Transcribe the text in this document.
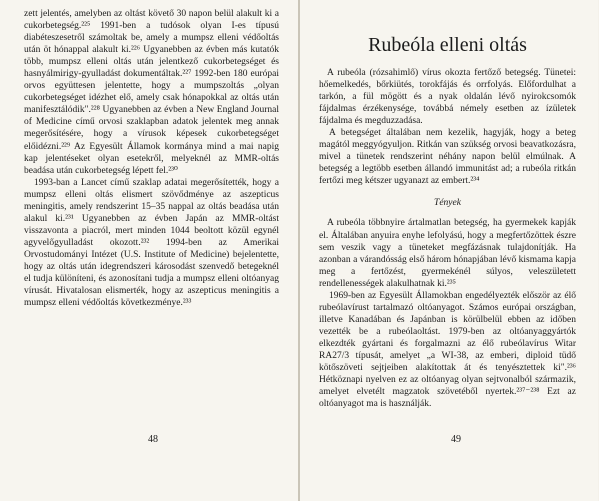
zett jelentés, amelyben az oltást követő 30 napon belül alakult ki a cukorbetegség.²²⁵ 1991-ben a tudósok olyan I-es típusú diabéteszesetről számoltak be, amely a mumpsz elleni védőoltás után öt hónappal alakult ki.²²⁶ Ugyanebben az évben más kutatók több, mumpsz elleni oltás után jelentkező cukorbetegséget és hasnyálmirigy-gyulladást dokumentáltak.²²⁷ 1992-ben 180 európai orvos együttesen jelentette, hogy a mumpszoltás „olyan cukorbetegséget idézhet elő, amely csak hónapokkal az oltás után manifesztálódik".²²⁸ Ugyanebben az évben a New England Journal of Medicine című orvosi szaklapban adatok jelentek meg annak megerősítésére, hogy a vírusok képesek cukorbetegséget előidézni.²²⁹ Az Egyesült Államok kormánya mind a mai napig kap jelentéseket olyan esetekről, melyeknél az MMR-oltás beadása után cukorbetegség lépett fel.²³⁰

1993-ban a Lancet című szaklap adatai megerősítették, hogy a mumpsz elleni oltás elismert szövődménye az aszepticus meningitis, amely rendszerint 15–35 nappal az oltás beadása után alakul ki.²³¹ Ugyanebben az évben Japán az MMR-oltást visszavonta a piacról, mert minden 1044 beoltott közül egynél agyvelőgyulladást okozott.²³² 1994-ben az Amerikai Orvostudományi Intézet (U.S. Institute of Medicine) bejelentette, hogy az oltás után idegrendszeri károsodást szenvedő betegeknél el tudja különíteni, és azonosítani tudja a mumpsz elleni oltóanyag vírusát. Hivatalosan elismerték, hogy az aszepticus meningitis a mumpsz elleni védőoltás következménye.²³³

48
Rubeóla elleni oltás

A rubeóla (rózsahimlő) vírus okozta fertőző betegség. Tünetei: hőemelkedés, bőrkiütés, torokfájás és orrfolyás. Előfordulhat a tarkón, a fül mögött és a nyak oldalán lévő nyirokcsomók fájdalmas érzékenysége, továbbá némely esetben az ízületek fájdalma és megduzzadása.

A betegséget általában nem kezelik, hagyják, hogy a beteg magától meggyógyuljon. Ritkán van szükség orvosi beavatkozásra, mivel a tünetek rendszerint néhány napon belül elmúlnak. A betegség a legtöbb esetben állandó immunitást ad; a rubeóla ritkán fertőzi meg kétszer ugyanazt az embert.²³⁴

Tények

A rubeóla többnyire ártalmatlan betegség, ha gyermekek kapják el. Általában anyuira enyhe lefolyású, hogy a megfertőzöttek észre sem veszik vagy a tüneteket megfázásnak tulajdonítják. Ha azonban a várandósság első három hónapjában lévő kismama kapja meg a fertőzést, gyermekénél súlyos, veleszületett rendellenességek alakulhatnak ki.²³⁵

1969-ben az Egyesült Államokban engedélyezték először az élő rubeólavírust tartalmazó oltóanyagot. Számos európai országban, illetve Kanadában és Japánban is körülbelül ebben az időben vezették be a rubeólaoltást. 1979-ben az oltóanyaggyártók elkezdték gyártani és forgalmazni az élő rubeólavírus Witar RA27/3 típusát, amelyet „a WI-38, az emberi, diploid tüdő kötőszöveti sejtjeiben alakítottak át és tenyésztettek ki".²³⁶ Hétköznapi nyelven ez az oltóanyag olyan sejtvonalból származik, amelyet elvetélt magzatok szövetéből nyertek.²³⁷⁻²³⁸ Ezt az oltóanyagot ma is használják.

49
